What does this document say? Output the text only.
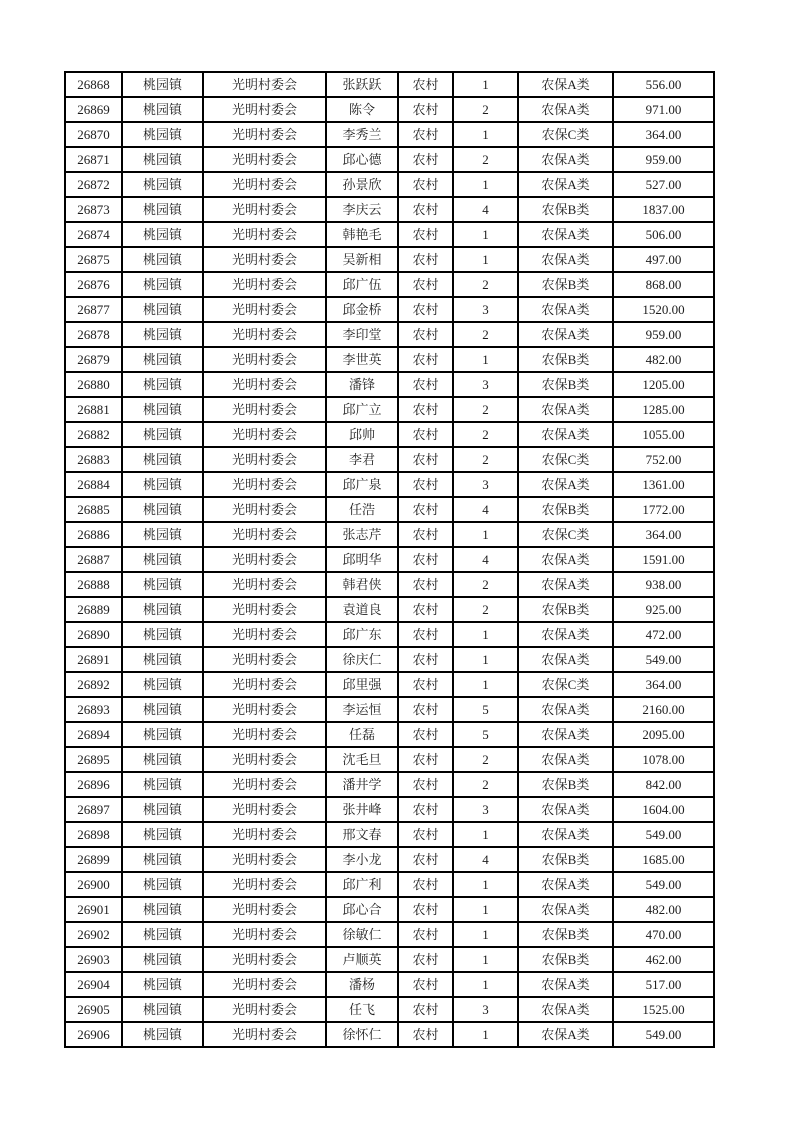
26868	桃园镇	光明村委会	张跃跃	农村	1	农保A类	556.00
26869	桃园镇	光明村委会	陈令	农村	2	农保A类	971.00
26870	桃园镇	光明村委会	李秀兰	农村	1	农保C类	364.00
26871	桃园镇	光明村委会	邱心德	农村	2	农保A类	959.00
26872	桃园镇	光明村委会	孙景欣	农村	1	农保A类	527.00
26873	桃园镇	光明村委会	李庆云	农村	4	农保B类	1837.00
26874	桃园镇	光明村委会	韩艳毛	农村	1	农保A类	506.00
26875	桃园镇	光明村委会	吴新相	农村	1	农保A类	497.00
26876	桃园镇	光明村委会	邱广伍	农村	2	农保B类	868.00
26877	桃园镇	光明村委会	邱金桥	农村	3	农保A类	1520.00
26878	桃园镇	光明村委会	李印堂	农村	2	农保A类	959.00
26879	桃园镇	光明村委会	李世英	农村	1	农保B类	482.00
26880	桃园镇	光明村委会	潘锋	农村	3	农保B类	1205.00
26881	桃园镇	光明村委会	邱广立	农村	2	农保A类	1285.00
26882	桃园镇	光明村委会	邱帅	农村	2	农保A类	1055.00
26883	桃园镇	光明村委会	李君	农村	2	农保C类	752.00
26884	桃园镇	光明村委会	邱广泉	农村	3	农保A类	1361.00
26885	桃园镇	光明村委会	任浩	农村	4	农保B类	1772.00
26886	桃园镇	光明村委会	张志芹	农村	1	农保C类	364.00
26887	桃园镇	光明村委会	邱明华	农村	4	农保A类	1591.00
26888	桃园镇	光明村委会	韩君侠	农村	2	农保A类	938.00
26889	桃园镇	光明村委会	袁道良	农村	2	农保B类	925.00
26890	桃园镇	光明村委会	邱广东	农村	1	农保A类	472.00
26891	桃园镇	光明村委会	徐庆仁	农村	1	农保A类	549.00
26892	桃园镇	光明村委会	邱里强	农村	1	农保C类	364.00
26893	桃园镇	光明村委会	李运恒	农村	5	农保A类	2160.00
26894	桃园镇	光明村委会	任磊	农村	5	农保A类	2095.00
26895	桃园镇	光明村委会	沈毛旦	农村	2	农保A类	1078.00
26896	桃园镇	光明村委会	潘井学	农村	2	农保B类	842.00
26897	桃园镇	光明村委会	张井峰	农村	3	农保A类	1604.00
26898	桃园镇	光明村委会	邢文春	农村	1	农保A类	549.00
26899	桃园镇	光明村委会	李小龙	农村	4	农保B类	1685.00
26900	桃园镇	光明村委会	邱广利	农村	1	农保A类	549.00
26901	桃园镇	光明村委会	邱心合	农村	1	农保A类	482.00
26902	桃园镇	光明村委会	徐敏仁	农村	1	农保B类	470.00
26903	桃园镇	光明村委会	卢顺英	农村	1	农保B类	462.00
26904	桃园镇	光明村委会	潘杨	农村	1	农保A类	517.00
26905	桃园镇	光明村委会	任飞	农村	3	农保A类	1525.00
26906	桃园镇	光明村委会	徐怀仁	农村	1	农保A类	549.00
